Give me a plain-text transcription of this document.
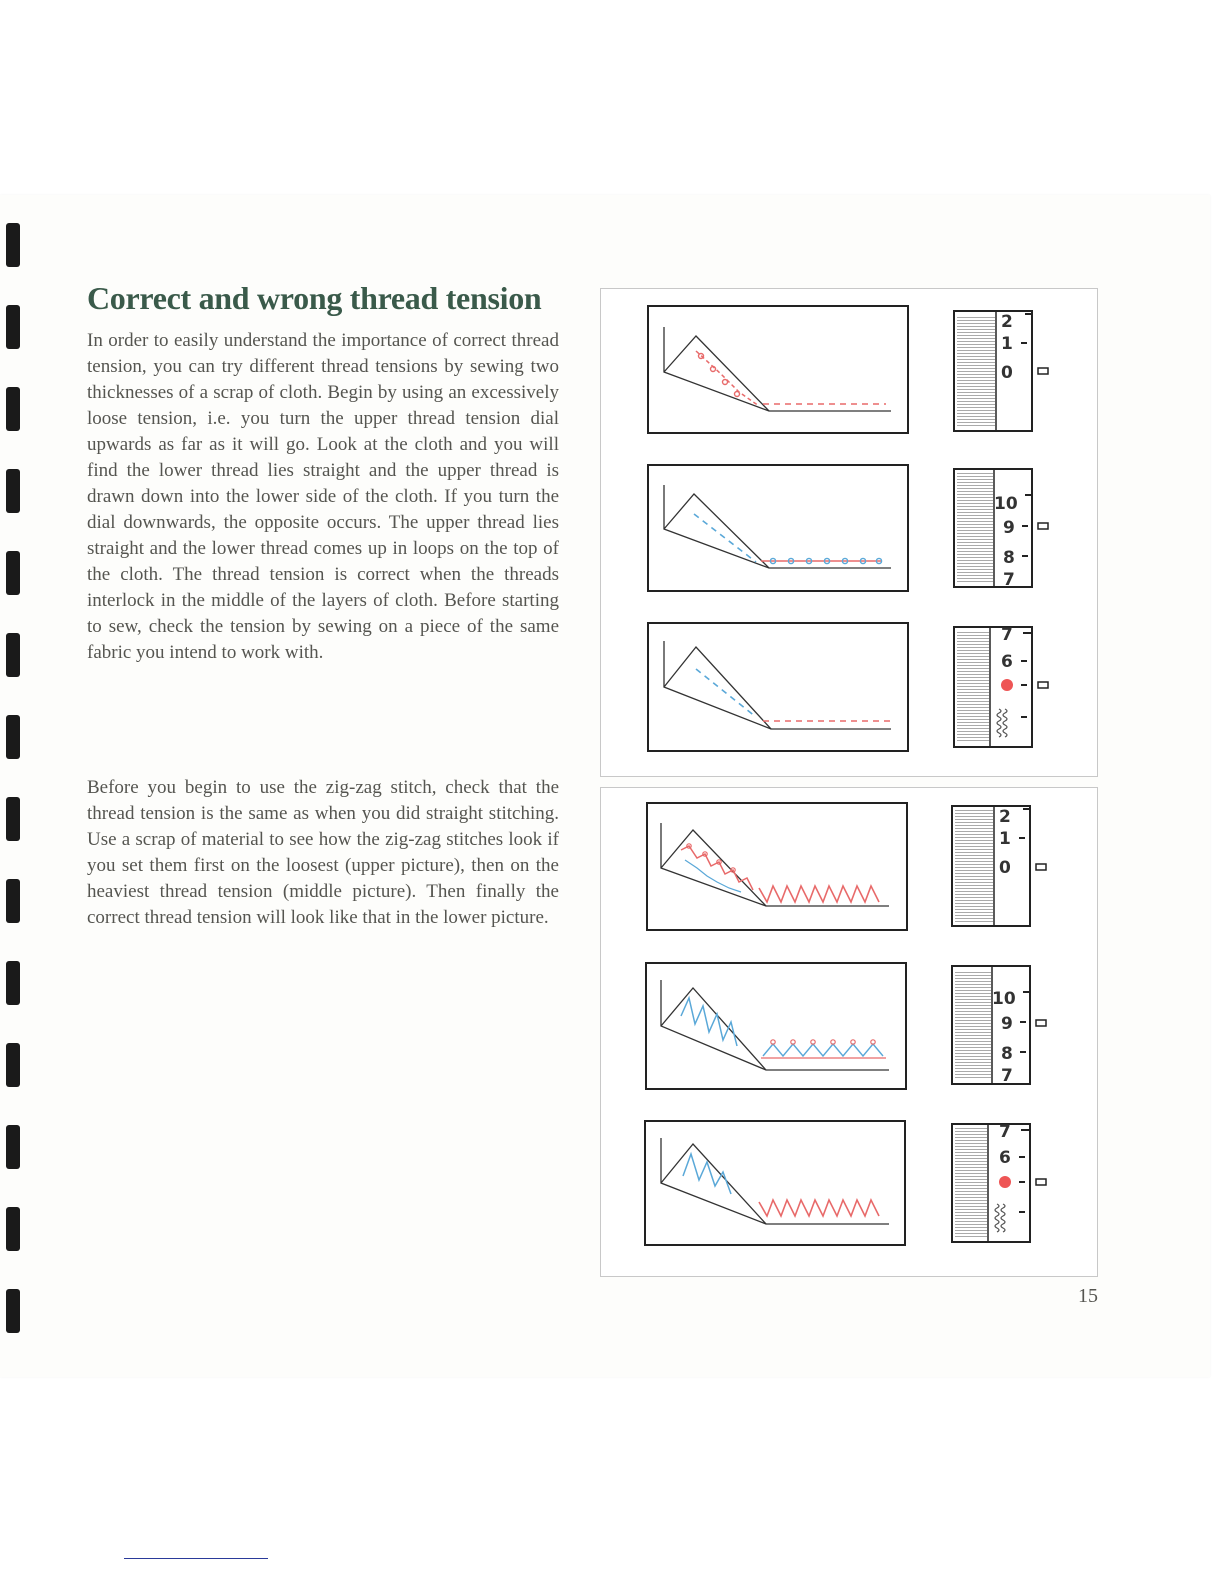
Correct and wrong thread tension

In order to easily understand the importance of correct thread tension, you can try different thread tensions by sewing two thicknesses of a scrap of cloth. Begin by using an excessively loose tension, i.e. you turn the upper thread tension dial upwards as far as it will go. Look at the cloth and you will find the lower thread lies straight and the upper thread is drawn down into the lower side of the cloth. If you turn the dial downwards, the opposite occurs. The upper thread lies straight and the lower thread comes up in loops on the top of the cloth. The thread tension is correct when the threads interlock in the middle of the layers of cloth. Before starting to sew, check the tension by sewing on a piece of the same fabric you intend to work with.

Before you begin to use the zig-zag stitch, check that the thread tension is the same as when you did straight stitching. Use a scrap of material to see how the zig-zag stitches look if you set them first on the loosest (upper picture), then on the heaviest thread tension (middle picture). Then finally the correct thread tension will look like that in the lower picture.

2
1
0
10
9
8
7
7
6
2
1
0
10
9
8
7
7
6
15
